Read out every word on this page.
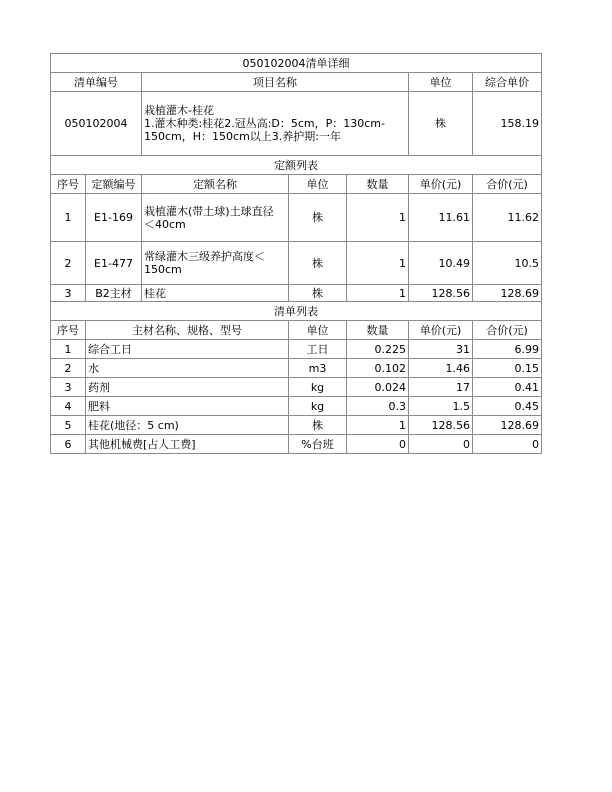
050102004清单详细						
清单编号		项目名称			单位	综合单价
050102004		栽植灌木-桂花
1.灌木种类:桂花2.冠丛高:D：5cm，P：130cm-150cm，H：150cm以上3.养护期:一年			株	158.19
定额列表						
序号	定额编号	定额名称	单位	数量	单价(元)	合价(元)
1	E1-169	栽植灌木(带土球)土球直径
＜40cm	株	1	11.61	11.62
2	E1-477	常绿灌木三级养护高度＜
150cm	株	1	10.49	10.5
3	B2主材	桂花	株	1	128.56	128.69
清单列表						
序号	主材名称、规格、型号		单位	数量	单价(元)	合价(元)
1	综合工日		工日	0.225	31	6.99
2	水		m3	0.102	1.46	0.15
3	药剂		kg	0.024	17	0.41
4	肥料		kg	0.3	1.5	0.45
5	桂花(地径：5 cm)		株	1	128.56	128.69
6	其他机械费[占人工费]		%台班	0	0	0
